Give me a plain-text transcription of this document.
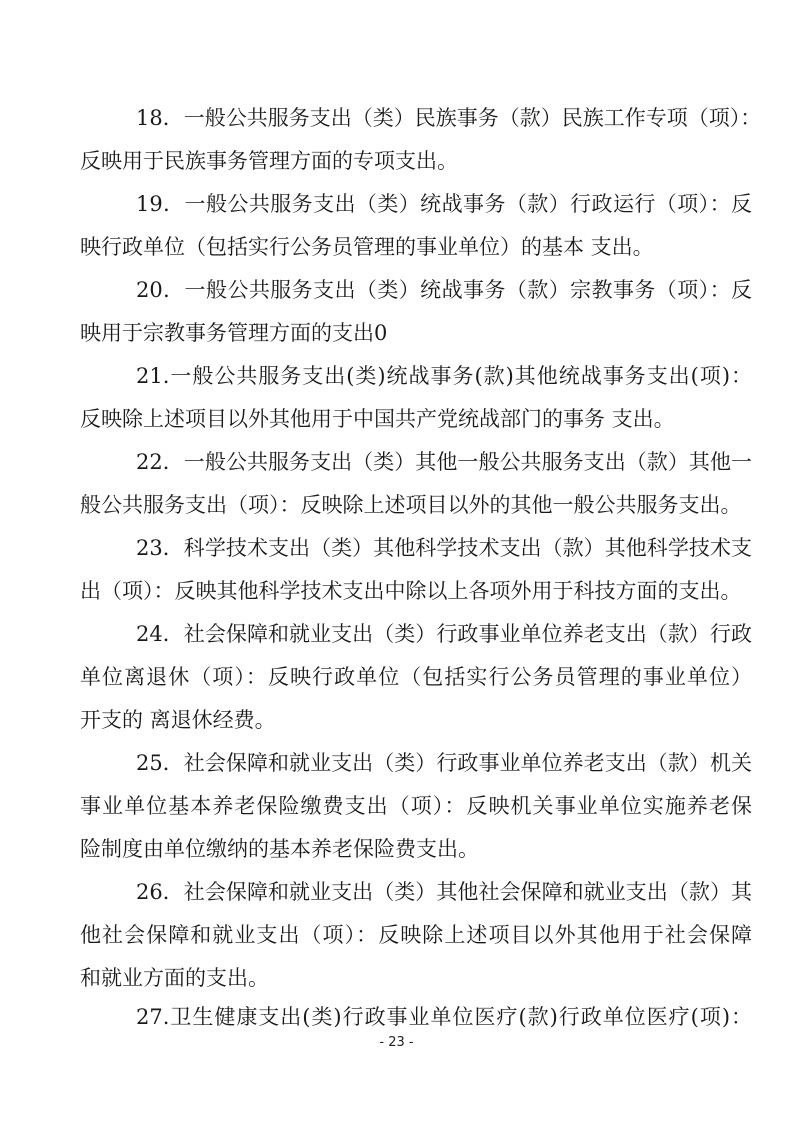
18．一般公共服务支出（类）民族事务（款）民族工作专项（项）：
反映用于民族事务管理方面的专项支出。
19．一般公共服务支出（类）统战事务（款）行政运行（项）：反
映行政单位（包括实行公务员管理的事业单位）的基本 支出。
20．一般公共服务支出（类）统战事务（款）宗教事务（项）：反
映用于宗教事务管理方面的支出0
21.一般公共服务支出(类)统战事务(款)其他统战事务支出(项)：
反映除上述项目以外其他用于中国共产党统战部门的事务 支出。
22．一般公共服务支出（类）其他一般公共服务支出（款）其他一
般公共服务支出（项）：反映除上述项目以外的其他一般公共服务支出。
23．科学技术支出（类）其他科学技术支出（款）其他科学技术支
出（项）：反映其他科学技术支出中除以上各项外用于科技方面的支出。
24．社会保障和就业支出（类）行政事业单位养老支出（款）行政
单位离退休（项）：反映行政单位（包括实行公务员管理的事业单位）
开支的 离退休经费。
25．社会保障和就业支出（类）行政事业单位养老支出（款）机关
事业单位基本养老保险缴费支出（项）：反映机关事业单位实施养老保
险制度由单位缴纳的基本养老保险费支出。
26．社会保障和就业支出（类）其他社会保障和就业支出（款）其
他社会保障和就业支出（项）：反映除上述项目以外其他用于社会保障
和就业方面的支出。
27.卫生健康支出(类)行政事业单位医疗(款)行政单位医疗(项)：
- 23 -
